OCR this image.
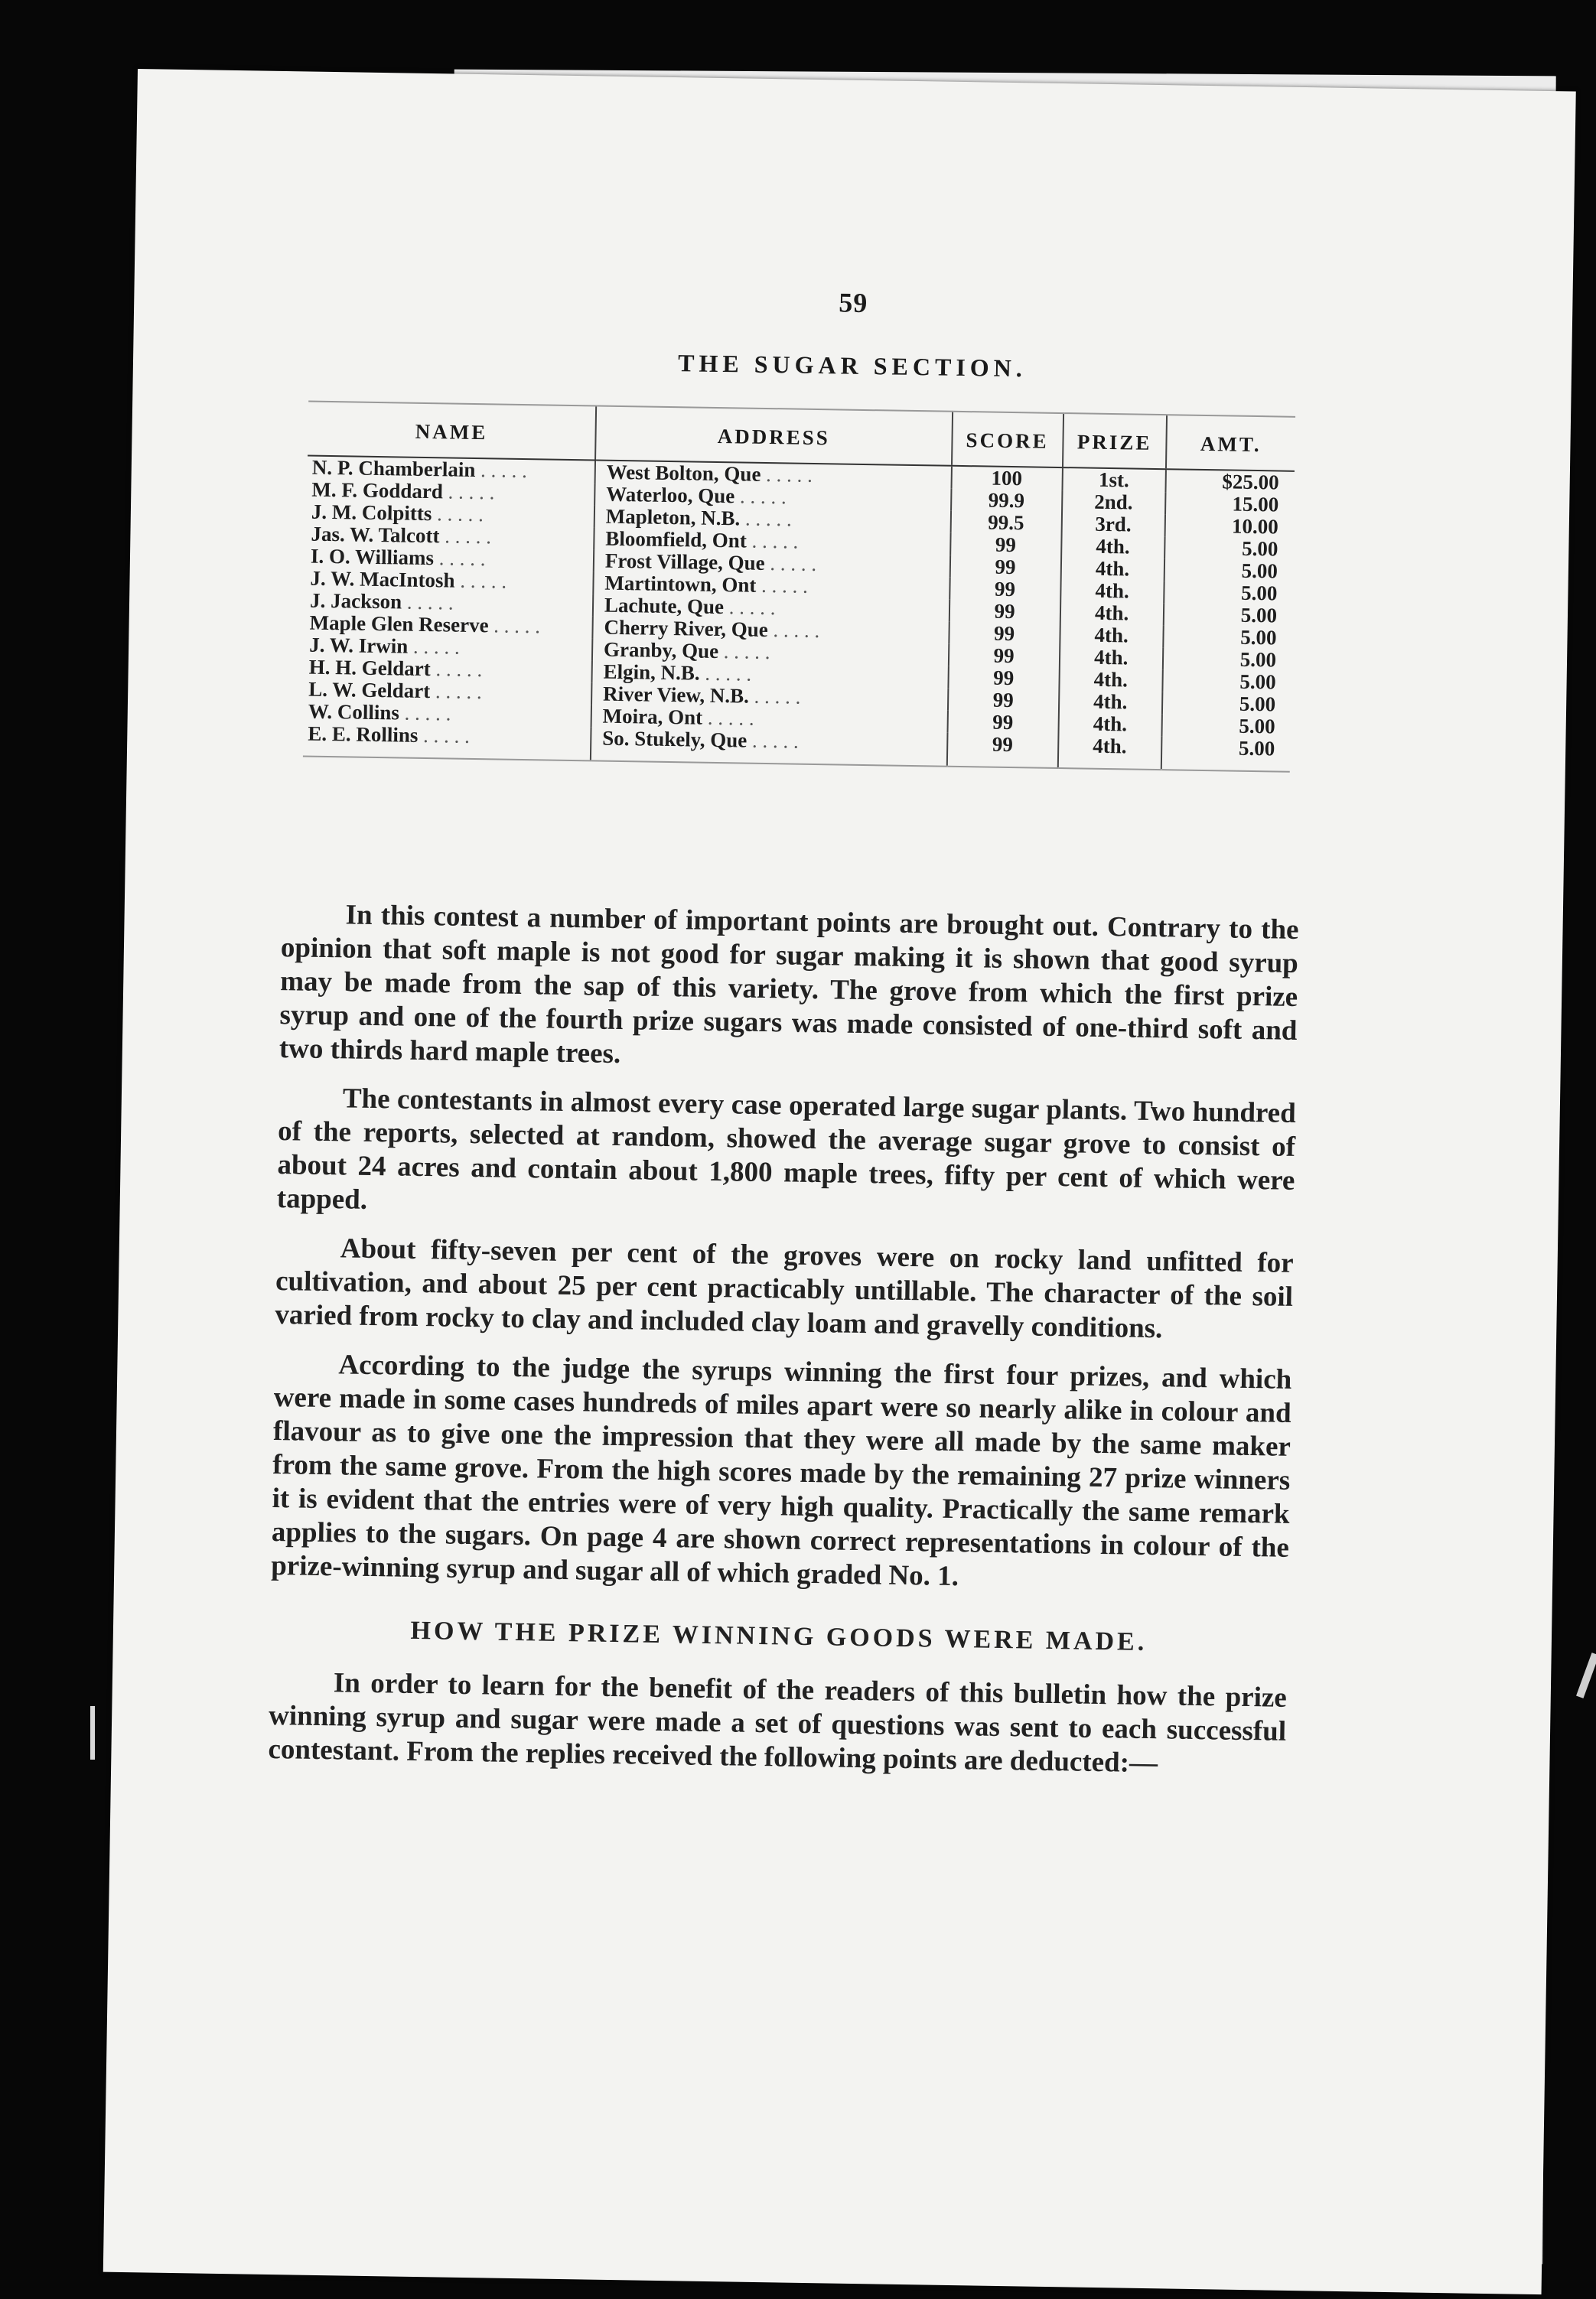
59
THE SUGAR SECTION.
NAME	ADDRESS	SCORE	PRIZE	AMT.
N. P. Chamberlain . . . . .	West Bolton, Que . . . . .	100	1st.	$25.00
M. F. Goddard . . . . .	Waterloo, Que . . . . .	99.9	2nd.	15.00
J. M. Colpitts . . . . .	Mapleton, N.B. . . . . .	99.5	3rd.	10.00
Jas. W. Talcott . . . . .	Bloomfield, Ont . . . . .	99	4th.	5.00
I. O. Williams . . . . .	Frost Village, Que . . . . .	99	4th.	5.00
J. W. MacIntosh . . . . .	Martintown, Ont . . . . .	99	4th.	5.00
J. Jackson . . . . .	Lachute, Que . . . . .	99	4th.	5.00
Maple Glen Reserve . . . . .	Cherry River, Que . . . . .	99	4th.	5.00
J. W. Irwin . . . . .	Granby, Que . . . . .	99	4th.	5.00
H. H. Geldart . . . . .	Elgin, N.B. . . . . .	99	4th.	5.00
L. W. Geldart . . . . .	River View, N.B. . . . . .	99	4th.	5.00
W. Collins . . . . .	Moira, Ont . . . . .	99	4th.	5.00
E. E. Rollins . . . . .	So. Stukely, Que . . . . .	99	4th.	5.00

In this contest a number of important points are brought out. Contrary to the opinion that soft maple is not good for sugar making it is shown that good syrup may be made from the sap of this variety. The grove from which the first prize syrup and one of the fourth prize sugars was made consisted of one-third soft and two thirds hard maple trees.

The contestants in almost every case operated large sugar plants. Two hundred of the reports, selected at random, showed the average sugar grove to consist of about 24 acres and contain about 1,800 maple trees, fifty per cent of which were tapped.

About fifty-seven per cent of the groves were on rocky land unfitted for cultivation, and about 25 per cent practicably untillable. The character of the soil varied from rocky to clay and included clay loam and gravelly conditions.

According to the judge the syrups winning the first four prizes, and which were made in some cases hundreds of miles apart were so nearly alike in colour and flavour as to give one the impression that they were all made by the same maker from the same grove. From the high scores made by the remaining 27 prize winners it is evident that the entries were of very high quality. Practically the same remark applies to the sugars. On page 4 are shown correct representations in colour of the prize-winning syrup and sugar all of which graded No. 1.

HOW THE PRIZE WINNING GOODS WERE MADE.

In order to learn for the benefit of the readers of this bulletin how the prize winning syrup and sugar were made a set of questions was sent to each successful contestant. From the replies received the following points are deducted:—
